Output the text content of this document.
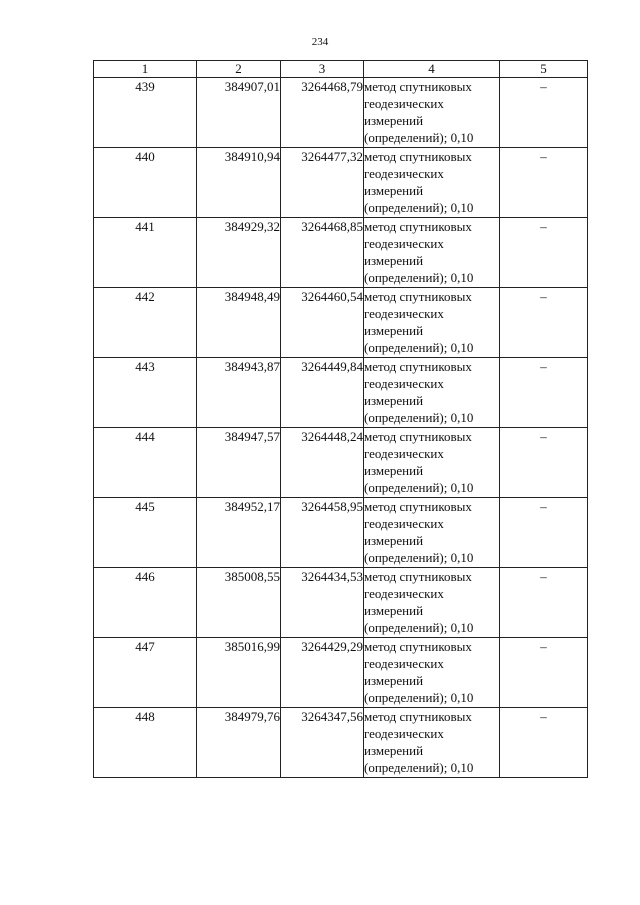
234
1	2	3	4	5
439	384907,01	3264468,79	метод спутниковых
геодезических
измерений
(определений); 0,10	–
440	384910,94	3264477,32	метод спутниковых
геодезических
измерений
(определений); 0,10	–
441	384929,32	3264468,85	метод спутниковых
геодезических
измерений
(определений); 0,10	–
442	384948,49	3264460,54	метод спутниковых
геодезических
измерений
(определений); 0,10	–
443	384943,87	3264449,84	метод спутниковых
геодезических
измерений
(определений); 0,10	–
444	384947,57	3264448,24	метод спутниковых
геодезических
измерений
(определений); 0,10	–
445	384952,17	3264458,95	метод спутниковых
геодезических
измерений
(определений); 0,10	–
446	385008,55	3264434,53	метод спутниковых
геодезических
измерений
(определений); 0,10	–
447	385016,99	3264429,29	метод спутниковых
геодезических
измерений
(определений); 0,10	–
448	384979,76	3264347,56	метод спутниковых
геодезических
измерений
(определений); 0,10	–
